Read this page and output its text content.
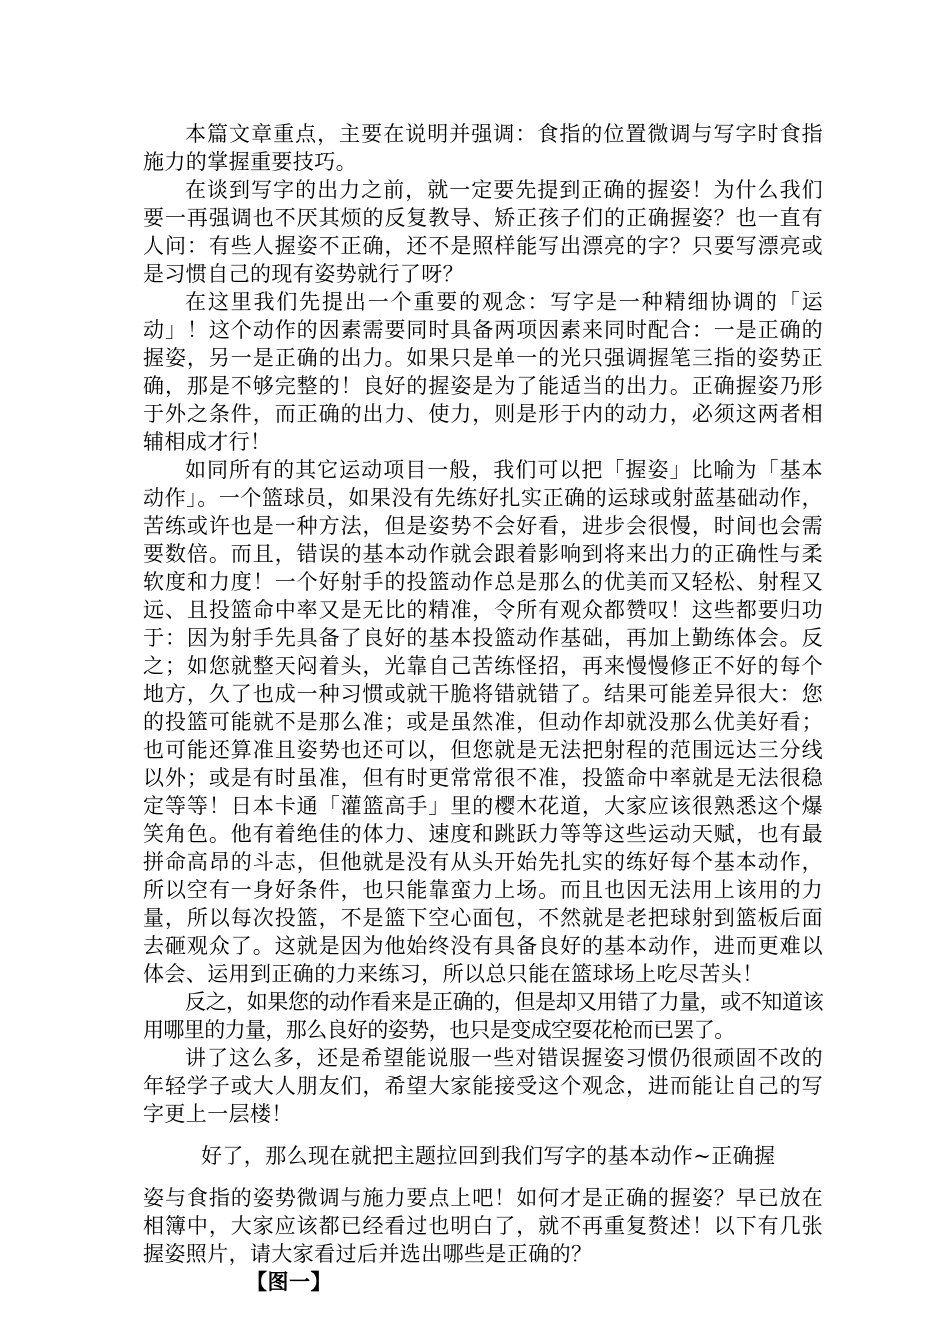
本篇文章重点，主要在说明并强调：食指的位置微调与写字时食指施力的掌握重要技巧。

在谈到写字的出力之前，就一定要先提到正确的握姿！为什么我们要一再强调也不厌其烦的反复教导、矫正孩子们的正确握姿？也一直有人问：有些人握姿不正确，还不是照样能写出漂亮的字？只要写漂亮或是习惯自己的现有姿势就行了呀？

在这里我们先提出一个重要的观念：写字是一种精细协调的「运动」！这个动作的因素需要同时具备两项因素来同时配合：一是正确的握姿，另一是正确的出力。如果只是单一的光只强调握笔三指的姿势正确，那是不够完整的！良好的握姿是为了能适当的出力。正确握姿乃形于外之条件，而正确的出力、使力，则是形于内的动力，必须这两者相辅相成才行！

如同所有的其它运动项目一般，我们可以把「握姿」比喻为「基本动作」。一个篮球员，如果没有先练好扎实正确的运球或射蓝基础动作，苦练或许也是一种方法，但是姿势不会好看，进步会很慢，时间也会需要数倍。而且，错误的基本动作就会跟着影响到将来出力的正确性与柔软度和力度！一个好射手的投篮动作总是那么的优美而又轻松、射程又远、且投篮命中率又是无比的精准，令所有观众都赞叹！这些都要归功于：因为射手先具备了良好的基本投篮动作基础，再加上勤练体会。反之；如您就整天闷着头，光靠自己苦练怪招，再来慢慢修正不好的每个地方，久了也成一种习惯或就干脆将错就错了。结果可能差异很大：您的投篮可能就不是那么准；或是虽然准，但动作却就没那么优美好看；也可能还算准且姿势也还可以，但您就是无法把射程的范围远达三分线以外；或是有时虽准，但有时更常常很不准，投篮命中率就是无法很稳定等等！日本卡通「灌篮高手」里的樱木花道，大家应该很熟悉这个爆笑角色。他有着绝佳的体力、速度和跳跃力等等这些运动天赋，也有最拼命高昂的斗志，但他就是没有从头开始先扎实的练好每个基本动作，所以空有一身好条件，也只能靠蛮力上场。而且也因无法用上该用的力量，所以每次投篮，不是篮下空心面包，不然就是老把球射到篮板后面去砸观众了。这就是因为他始终没有具备良好的基本动作，进而更难以体会、运用到正确的力来练习，所以总只能在篮球场上吃尽苦头！

反之，如果您的动作看来是正确的，但是却又用错了力量，或不知道该用哪里的力量，那么良好的姿势，也只是变成空耍花枪而已罢了。

讲了这么多，还是希望能说服一些对错误握姿习惯仍很顽固不改的年轻学子或大人朋友们，希望大家能接受这个观念，进而能让自己的写字更上一层楼！

好了，那么现在就把主题拉回到我们写字的基本动作~正确握

姿与食指的姿势微调与施力要点上吧！如何才是正确的握姿？早已放在相簿中，大家应该都已经看过也明白了，就不再重复赘述！以下有几张握姿照片，请大家看过后并选出哪些是正确的？

【图一】
